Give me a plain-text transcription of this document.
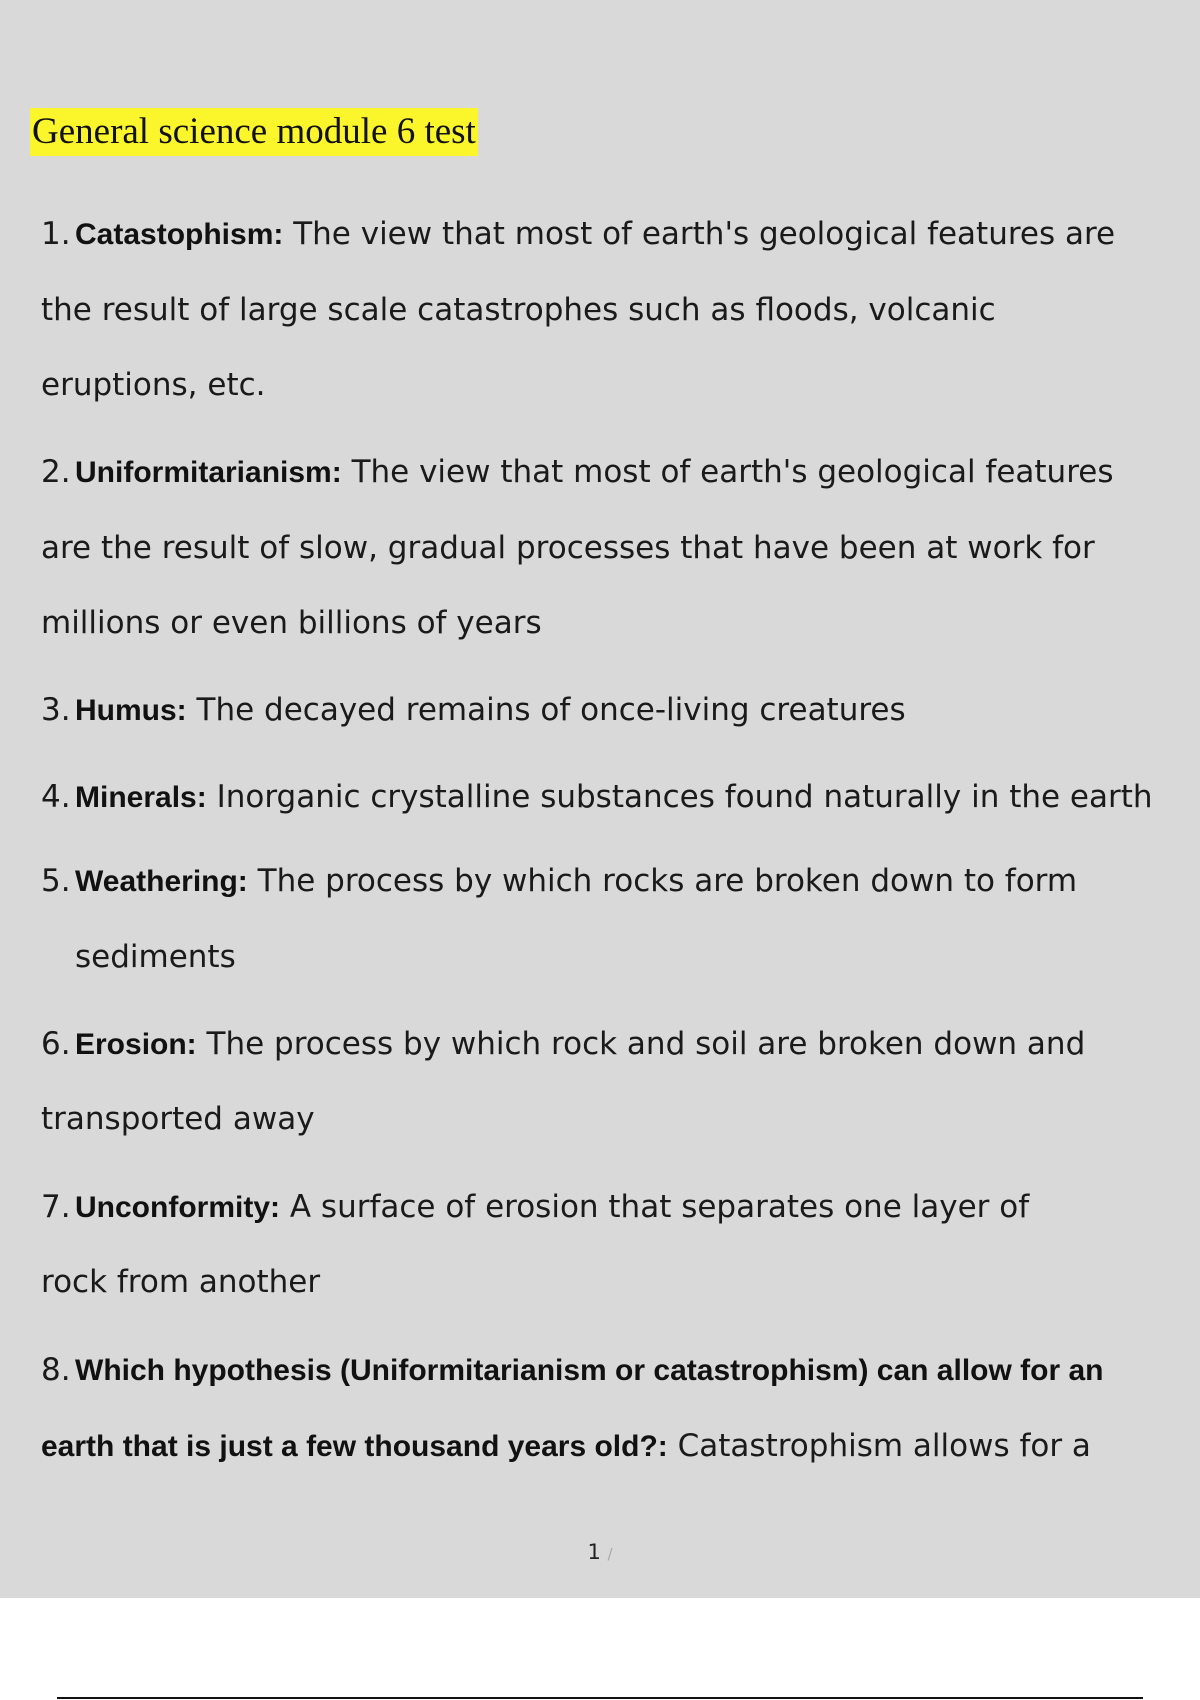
General science module 6 test
1. Catastophism: The view that most of earth's geological features are
the result of large scale catastrophes such as floods, volcanic
eruptions, etc.
2. Uniformitarianism: The view that most of earth's geological features
are the result of slow, gradual processes that have been at work for
millions or even billions of years
3. Humus: The decayed remains of once-living creatures
4. Minerals: Inorganic crystalline substances found naturally in the earth
5. Weathering: The process by which rocks are broken down to form
sediments
6. Erosion: The process by which rock and soil are broken down and
transported away
7. Unconformity: A surface of erosion that separates one layer of
rock from another
8. Which hypothesis (Uniformitarianism or catastrophism) can allow for an
earth that is just a few thousand years old?: Catastrophism allows for a
1 /
